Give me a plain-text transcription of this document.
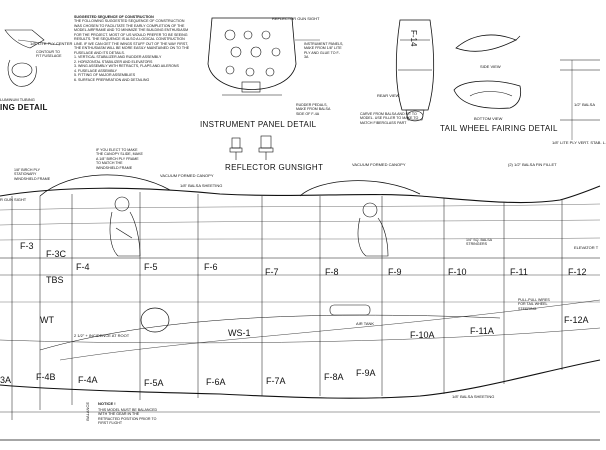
ING DETAIL
INSTRUMENT PANEL DETAIL	TAIL WHEEL FAIRING DETAIL
REFLECTOR GUNSIGHT
SUGGESTED SEQUENCE OF CONSTRUCTION
THE FOLLOWING SUGGESTED SEQUENCE OF CONSTRUCTION WAS CHOSEN TO FACILITATE THE EARLY COMPLETION OF THE MODEL AIRFRAME AND TO MINIMIZE THE BUILDING ENTHUSIASM FOR THE PROJECT. MOST OF US WOULD PREFER TO BE SEEING RESULTS. THE SEQUENCE IS ALSO A LOGICAL CONSTRUCTION LINE. IF WE CAN GET THE WINGS STUFF OUT OF THE WAY FIRST, THE ENTHUSIASM WILL BE MORE EASILY MAINTAINED ON TO THE FUSELAGE AND ITS DETAILS.
1. VERTICAL STABILIZER AND RUDDER ASSEMBLY
2. HORIZONTAL STABILIZER AND ELEVATORS
3. WING ASSEMBLY WITH RETRACTS, FLAPS AND AILERONS
4. FUSELAGE ASSEMBLY
5. FITTING OF MAJOR ASSEMBLIES
6. SURFACE PREPARATION AND DETAILING
1/8" LITE PLY CENTER
CONTOUR TO FIT FUSELAGE
LUMINUM TUBING
REFLECTOR GUN SIGHT
INSTRUMENT PANELS, MAKE FROM 1/8" LITE PLY AND GLUE TO F-3A
RUDDER PEDALS, MAKE FROM BALSA SIDE OF F-4A
REAR VIEW
SIDE VIEW
BOTTOM VIEW
CARVE FROM BALSA AND FIT TO MODEL. USE FILLER TO MAKE TO MATCH FIBERGLASS PART
F-14
1/2" BALSA
1/8" LITE PLY VERT. STAB. L.
IF YOU ELECT TO MAKE THE CANOPY SLIDE, MAKE A 1/8" BIRCH PLY FRAME TO MATCH THE WINDSHIELD FRAME
1/8" BIRCH PLY STATIONARY WINDSHIELD FRAME
VACUUM FORMED CANOPY
1/8" BALSA SHEETING
VACUUM FORMED CANOPY	(2) 1/2" BALSA FIN FILLET
R GUN SIGHT
1/4" SQ. BALSA STRINGERS
ELEVATOR T
PULL-PULL WIRES FOR TAIL WHEEL STEERING
2 1/2" + INCIDENCE AT ROOT
AIR TANK
1/8" BALSA SHEETING
BALANCE NOTICE !
THIS MODEL MUST BE BALANCED WITH THE GEAR IN THE RETRACTED POSITION PRIOR TO FIRST FLIGHT
F-3
F-3C
F-4	F-5	F-6	F-7	F-8	F-9	F-10	F-11	F-12
TBS
WT
WS-1
3A	F-4B F-4A	F-5A	F-6A	F-7A	F-8A F-9A
F-10A	F-11A
F-12A
